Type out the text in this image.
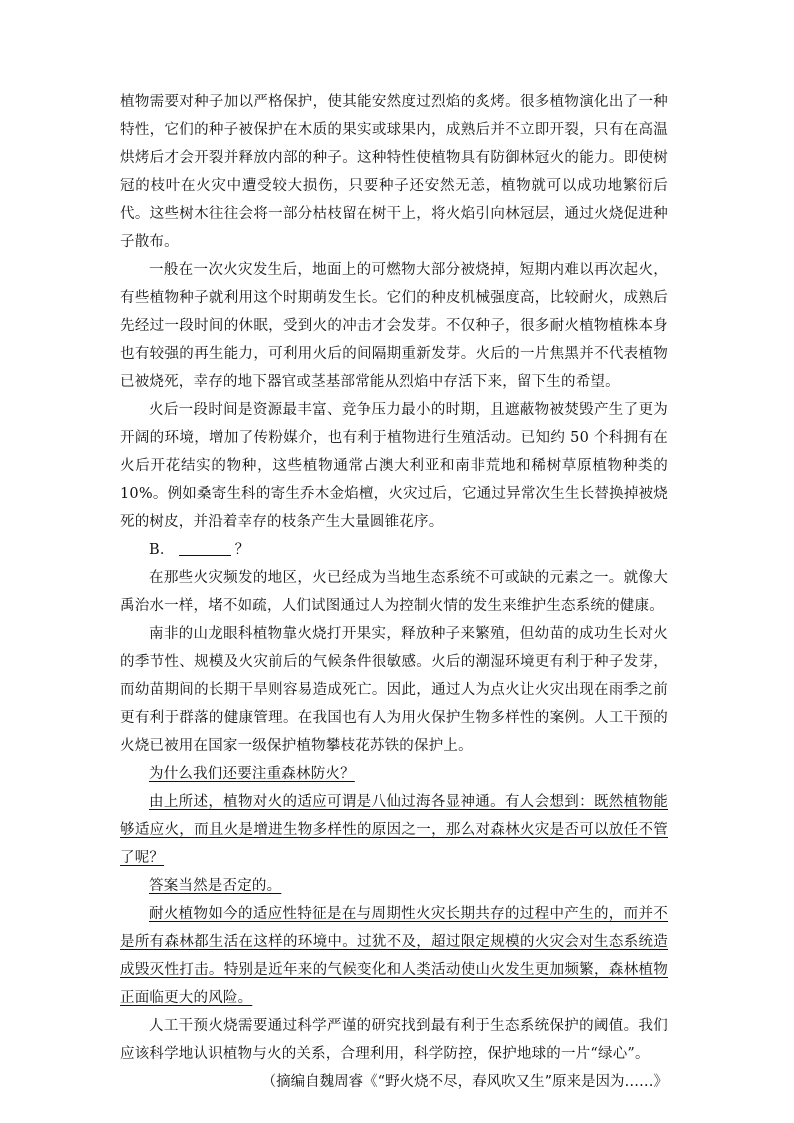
植物需要对种子加以严格保护，使其能安然度过烈焰的炙烤。很多植物演化出了一种特性，它们的种子被保护在木质的果实或球果内，成熟后并不立即开裂，只有在高温烘烤后才会开裂并释放内部的种子。这种特性使植物具有防御林冠火的能力。即使树冠的枝叶在火灾中遭受较大损伤，只要种子还安然无恙，植物就可以成功地繁衍后代。这些树木往往会将一部分枯枝留在树干上，将火焰引向林冠层，通过火烧促进种子散布。

一般在一次火灾发生后，地面上的可燃物大部分被烧掉，短期内难以再次起火，有些植物种子就利用这个时期萌发生长。它们的种皮机械强度高，比较耐火，成熟后先经过一段时间的休眠，受到火的冲击才会发芽。不仅种子，很多耐火植物植株本身也有较强的再生能力，可利用火后的间隔期重新发芽。火后的一片焦黑并不代表植物已被烧死，幸存的地下器官或茎基部常能从烈焰中存活下来，留下生的希望。

火后一段时间是资源最丰富、竞争压力最小的时期，且遮蔽物被焚毁产生了更为开阔的环境，增加了传粉媒介，也有利于植物进行生殖活动。已知约 50 个科拥有在火后开花结实的物种，这些植物通常占澳大利亚和南非荒地和稀树草原植物种类的 10%。例如桑寄生科的寄生乔木金焰檀，火灾过后，它通过异常次生生长替换掉被烧死的树皮，并沿着幸存的枝条产生大量圆锥花序。

B．	？

在那些火灾频发的地区，火已经成为当地生态系统不可或缺的元素之一。就像大禹治水一样，堵不如疏，人们试图通过人为控制火情的发生来维护生态系统的健康。

南非的山龙眼科植物靠火烧打开果实，释放种子来繁殖，但幼苗的成功生长对火的季节性、规模及火灾前后的气候条件很敏感。火后的潮湿环境更有利于种子发芽，而幼苗期间的长期干旱则容易造成死亡。因此，通过人为点火让火灾出现在雨季之前更有利于群落的健康管理。在我国也有人为用火保护生物多样性的案例。人工干预的火烧已被用在国家一级保护植物攀枝花苏铁的保护上。

为什么我们还要注重森林防火？

由上所述，植物对火的适应可谓是八仙过海各显神通。有人会想到：既然植物能够适应火，而且火是增进生物多样性的原因之一，那么对森林火灾是否可以放任不管了呢？

答案当然是否定的。

耐火植物如今的适应性特征是在与周期性火灾长期共存的过程中产生的，而并不是所有森林都生活在这样的环境中。过犹不及，超过限定规模的火灾会对生态系统造成毁灭性打击。特别是近年来的气候变化和人类活动使山火发生更加频繁，森林植物正面临更大的风险。

人工干预火烧需要通过科学严谨的研究找到最有利于生态系统保护的阈值。我们应该科学地认识植物与火的关系，合理利用，科学防控，保护地球的一片“绿心”。

（摘编自魏周睿《“野火烧不尽，春风吹又生”原来是因为……》
